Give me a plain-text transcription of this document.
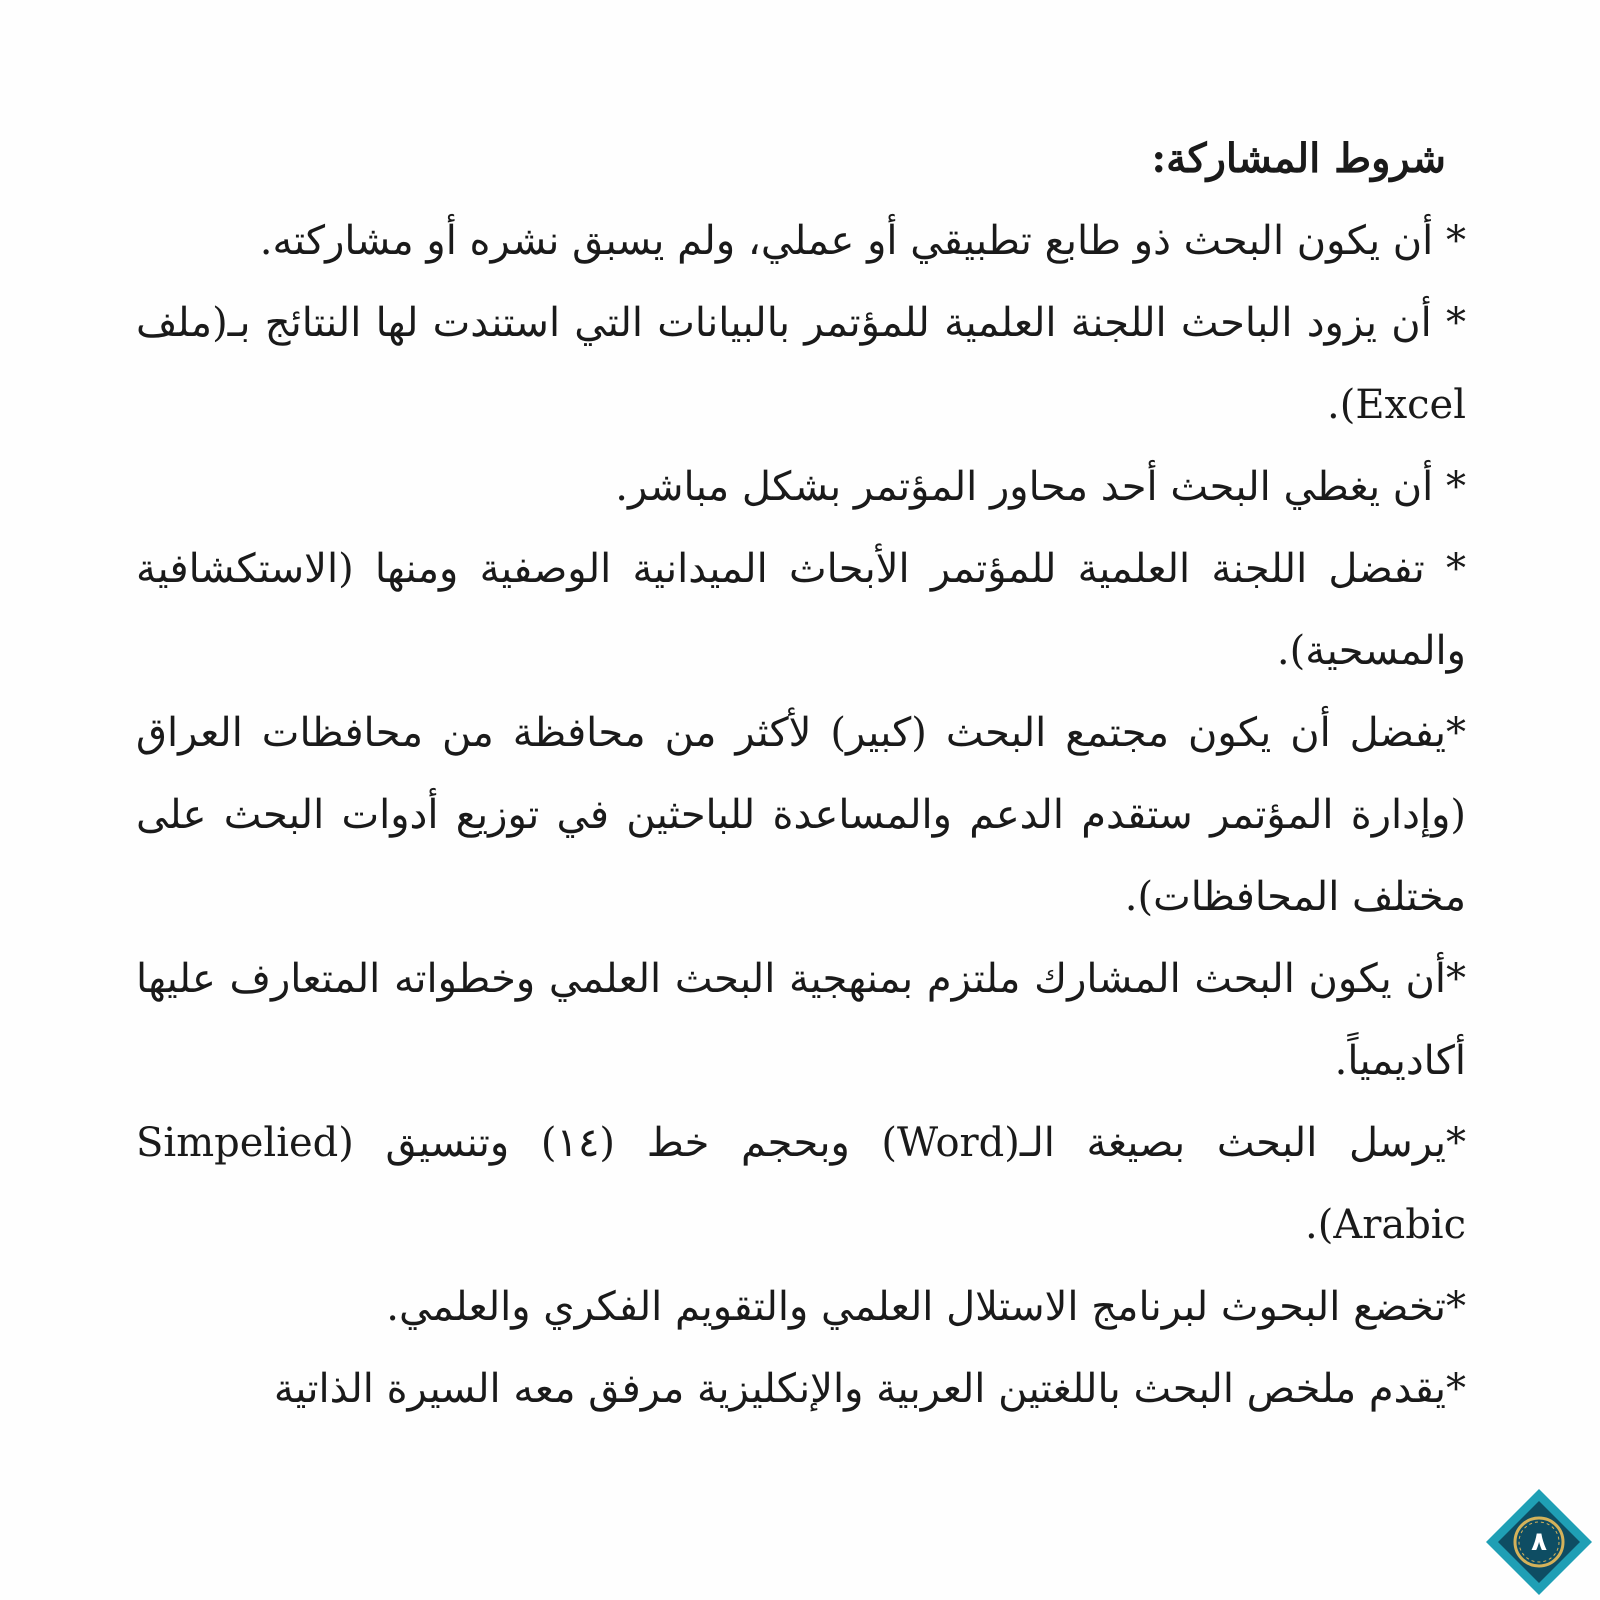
شروط المشاركة:

* أن يكون البحث ذو طابع تطبيقي أو عملي، ولم يسبق نشره أو مشاركته.

* أن يزود الباحث اللجنة العلمية للمؤتمر بالبيانات التي استندت لها النتائج بـ(ملف Excel).

* أن يغطي البحث أحد محاور المؤتمر بشكل مباشر.

* تفضل اللجنة العلمية للمؤتمر الأبحاث الميدانية الوصفية ومنها (الاستكشافية والمسحية).

*يفضل أن يكون مجتمع البحث (كبير) لأكثر من محافظة من محافظات العراق (وإدارة المؤتمر ستقدم الدعم والمساعدة للباحثين في توزيع أدوات البحث على مختلف المحافظات).

*أن يكون البحث المشارك ملتزم بمنهجية البحث العلمي وخطواته المتعارف عليها أكاديمياً.

*يرسل البحث بصيغة الـ(Word) وبحجم خط (١٤) وتنسيق (Simpelied Arabic).

*تخضع البحوث لبرنامج الاستلال العلمي والتقويم الفكري والعلمي.

*يقدم ملخص البحث باللغتين العربية والإنكليزية مرفق معه السيرة الذاتية

٨
